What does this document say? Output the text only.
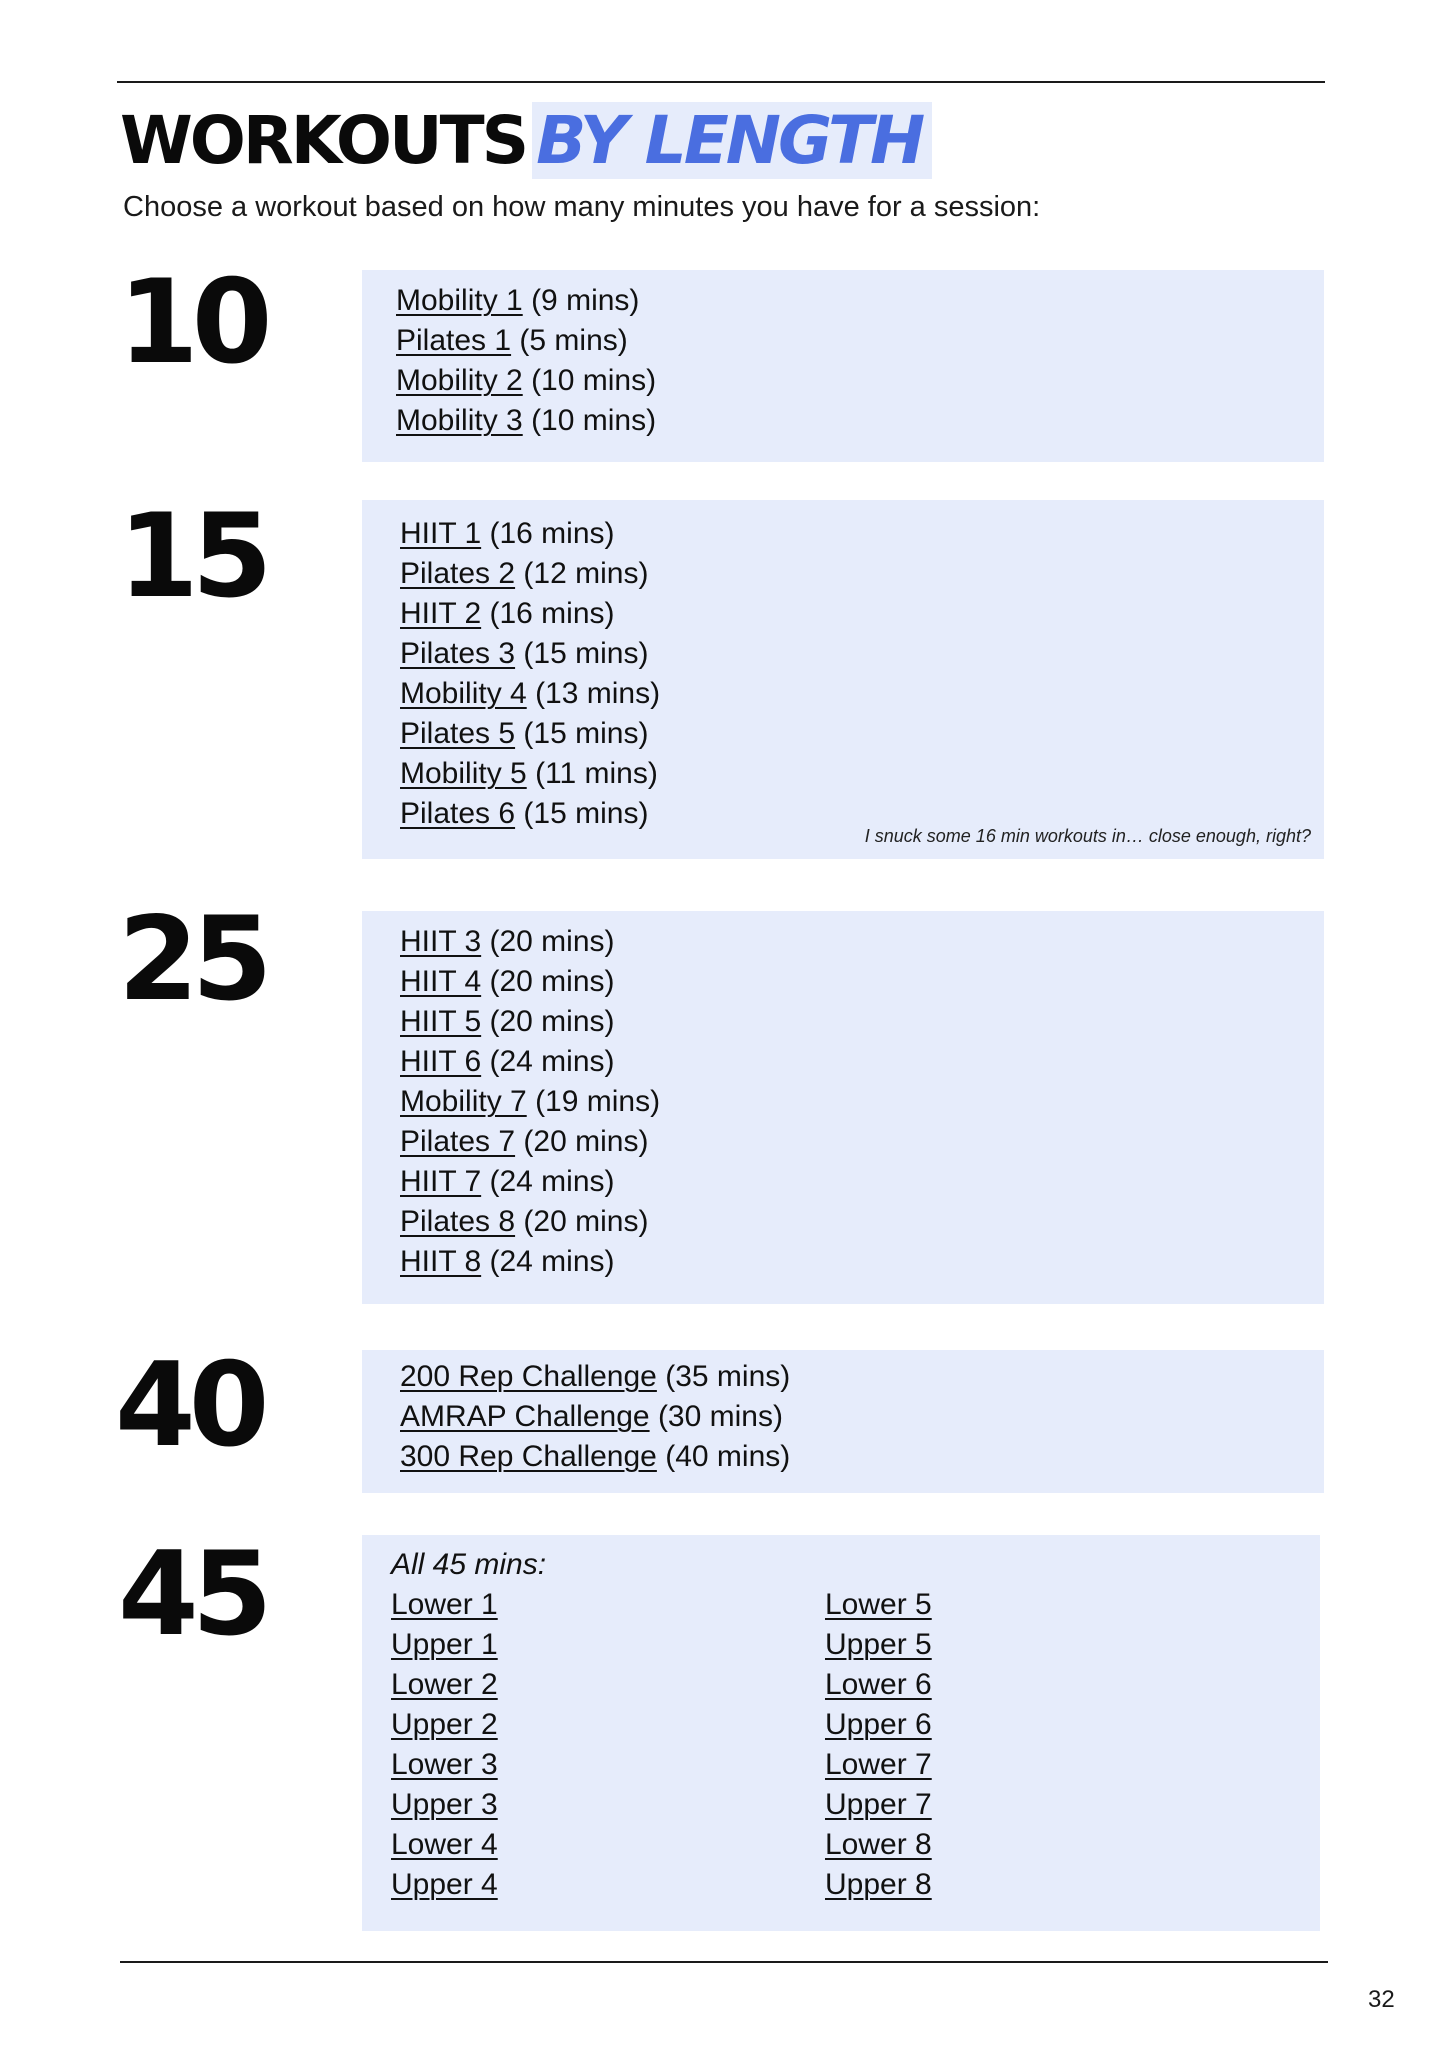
WORKOUTS BY LENGTH
Choose a workout based on how many minutes you have for a session:
10	Mobility 1 (9 mins)
Pilates 1 (5 mins)
Mobility 2 (10 mins)
Mobility 3 (10 mins)
15	HIIT 1 (16 mins)
Pilates 2 (12 mins)
HIIT 2 (16 mins)
Pilates 3 (15 mins)
Mobility 4 (13 mins)
Pilates 5 (15 mins)
Mobility 5 (11 mins)
Pilates 6 (15 mins)
I snuck some 16 min workouts in… close enough, right?
25	HIIT 3 (20 mins)
HIIT 4 (20 mins)
HIIT 5 (20 mins)
HIIT 6 (24 mins)
Mobility 7 (19 mins)
Pilates 7 (20 mins)
HIIT 7 (24 mins)
Pilates 8 (20 mins)
HIIT 8 (24 mins)
40	200 Rep Challenge (35 mins)
AMRAP Challenge (30 mins)
300 Rep Challenge (40 mins)
45	All 45 mins:
Lower 1
Upper 1
Lower 2
Upper 2
Lower 3
Upper 3
Lower 4
Upper 4
Lower 5
Upper 5
Lower 6
Upper 6
Lower 7
Upper 7
Lower 8
Upper 8
32
